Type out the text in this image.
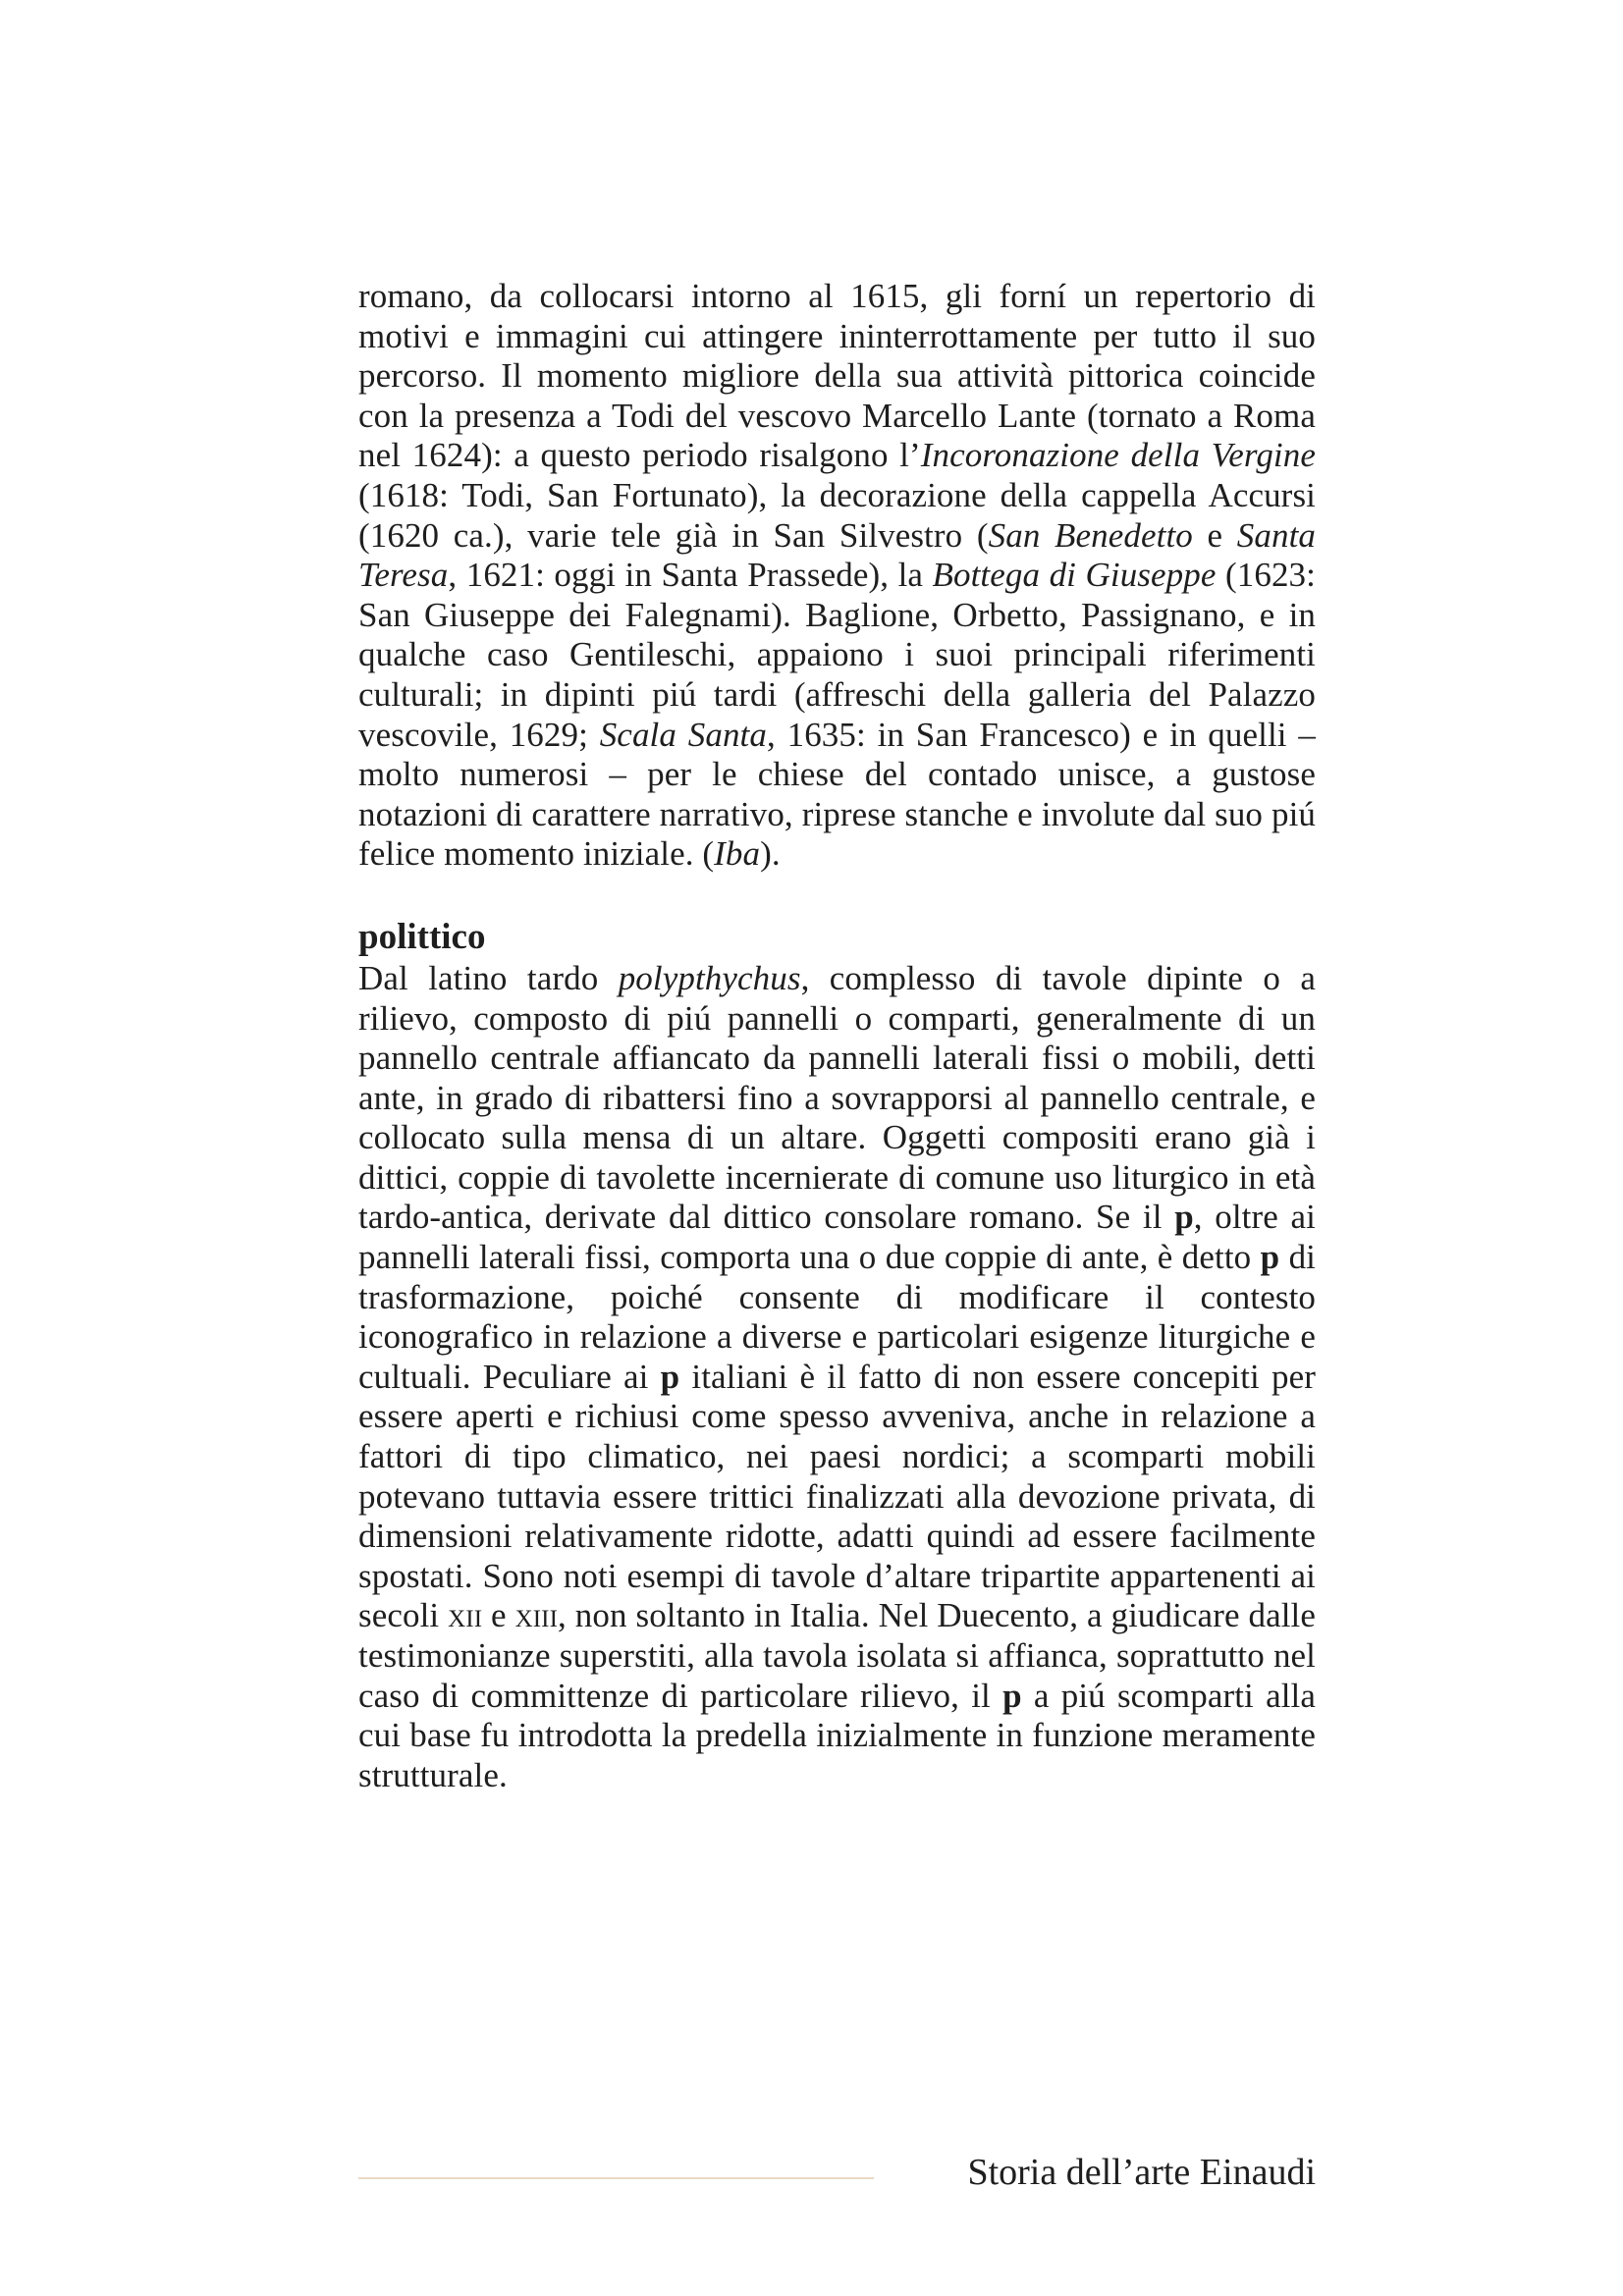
romano, da collocarsi intorno al 1615, gli forní un repertorio di motivi e immagini cui attingere ininterrottamente per tutto il suo percorso. Il momento migliore della sua attività pittorica coincide con la presenza a Todi del vescovo Marcello Lante (tornato a Roma nel 1624): a questo periodo risalgono l’Incoronazione della Vergine (1618: Todi, San Fortunato), la decorazione della cappella Accursi (1620 ca.), varie tele già in San Silvestro (San Benedetto e Santa Teresa, 1621: oggi in Santa Prassede), la Bottega di Giuseppe (1623: San Giuseppe dei Falegnami). Baglione, Orbetto, Passignano, e in qualche caso Gentileschi, appaiono i suoi principali riferimenti culturali; in dipinti piú tardi (affreschi della galleria del Palazzo vescovile, 1629; Scala Santa, 1635: in San Francesco) e in quelli – molto numerosi – per le chiese del contado unisce, a gustose notazioni di carattere narrativo, riprese stanche e involute dal suo piú felice momento iniziale. (Iba).

polittico

Dal latino tardo polypthychus, complesso di tavole dipinte o a rilievo, composto di piú pannelli o comparti, generalmente di un pannello centrale affiancato da pannelli laterali fissi o mobili, detti ante, in grado di ribattersi fino a sovrapporsi al pannello centrale, e collocato sulla mensa di un altare. Oggetti compositi erano già i dittici, coppie di tavolette incernierate di comune uso liturgico in età tardo-antica, derivate dal dittico consolare romano. Se il p, oltre ai pannelli laterali fissi, comporta una o due coppie di ante, è detto p di trasformazione, poiché consente di modificare il contesto iconografico in relazione a diverse e particolari esigenze liturgiche e cultuali. Peculiare ai p italiani è il fatto di non essere concepiti per essere aperti e richiusi come spesso avveniva, anche in relazione a fattori di tipo climatico, nei paesi nordici; a scomparti mobili potevano tuttavia essere trittici finalizzati alla devozione privata, di dimensioni relativamente ridotte, adatti quindi ad essere facilmente spostati. Sono noti esempi di tavole d’altare tripartite appartenenti ai secoli xii e xiii, non soltanto in Italia. Nel Duecento, a giudicare dalle testimonianze superstiti, alla tavola isolata si affianca, soprattutto nel caso di committenze di particolare rilievo, il p a piú scomparti alla cui base fu introdotta la predella inizialmente in funzione meramente strutturale.

Storia dell’arte Einaudi
